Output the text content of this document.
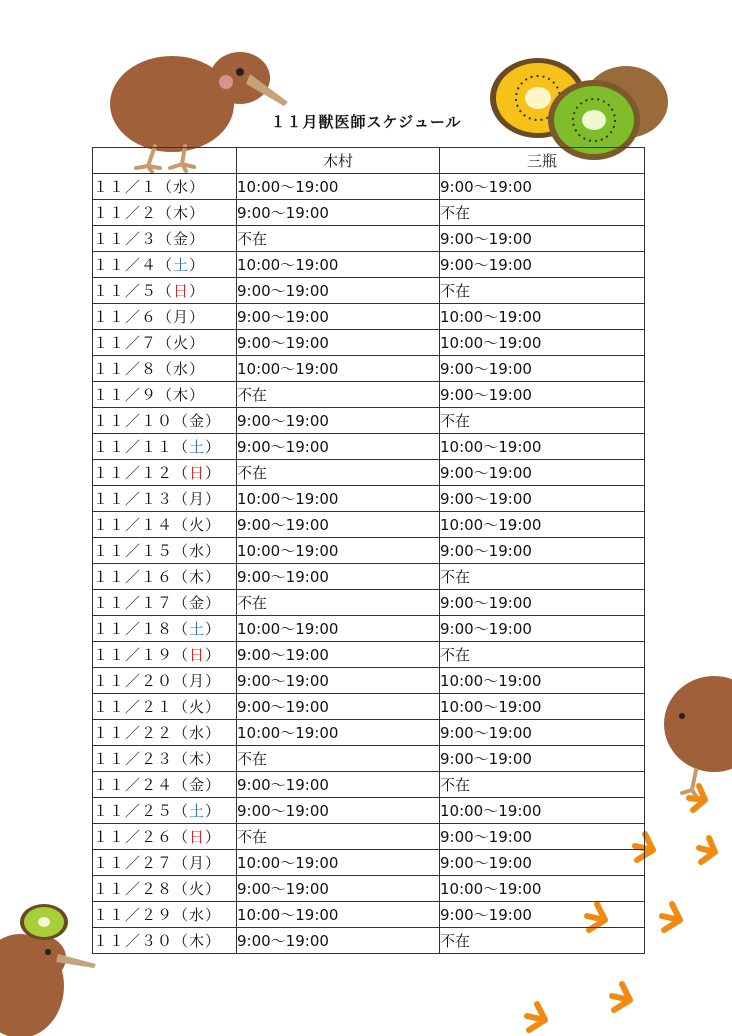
１１月獣医師スケジュール
	木村	三瓶
１１／１（水）	10:00～19:00	9:00～19:00
１１／２（木）	9:00～19:00	不在
１１／３（金）	不在	9:00～19:00
１１／４（土）	10:00～19:00	9:00～19:00
１１／５（日）	9:00～19:00	不在
１１／６（月）	9:00～19:00	10:00～19:00
１１／７（火）	9:00～19:00	10:00～19:00
１１／８（水）	10:00～19:00	9:00～19:00
１１／９（木）	不在	9:00～19:00
１１／１０（金）	9:00～19:00	不在
１１／１１（土）	9:00～19:00	10:00～19:00
１１／１２（日）	不在	9:00～19:00
１１／１３（月）	10:00～19:00	9:00～19:00
１１／１４（火）	9:00～19:00	10:00～19:00
１１／１５（水）	10:00～19:00	9:00～19:00
１１／１６（木）	9:00～19:00	不在
１１／１７（金）	不在	9:00～19:00
１１／１８（土）	10:00～19:00	9:00～19:00
１１／１９（日）	9:00～19:00	不在
１１／２０（月）	9:00～19:00	10:00～19:00
１１／２１（火）	9:00～19:00	10:00～19:00
１１／２２（水）	10:00～19:00	9:00～19:00
１１／２３（木）	不在	9:00～19:00
１１／２４（金）	9:00～19:00	不在
１１／２５（土）	9:00～19:00	10:00～19:00
１１／２６（日）	不在	9:00～19:00
１１／２７（月）	10:00～19:00	9:00～19:00
１１／２８（火）	9:00～19:00	10:00～19:00
１１／２９（水）	10:00～19:00	9:00～19:00
１１／３０（木）	9:00～19:00	不在
